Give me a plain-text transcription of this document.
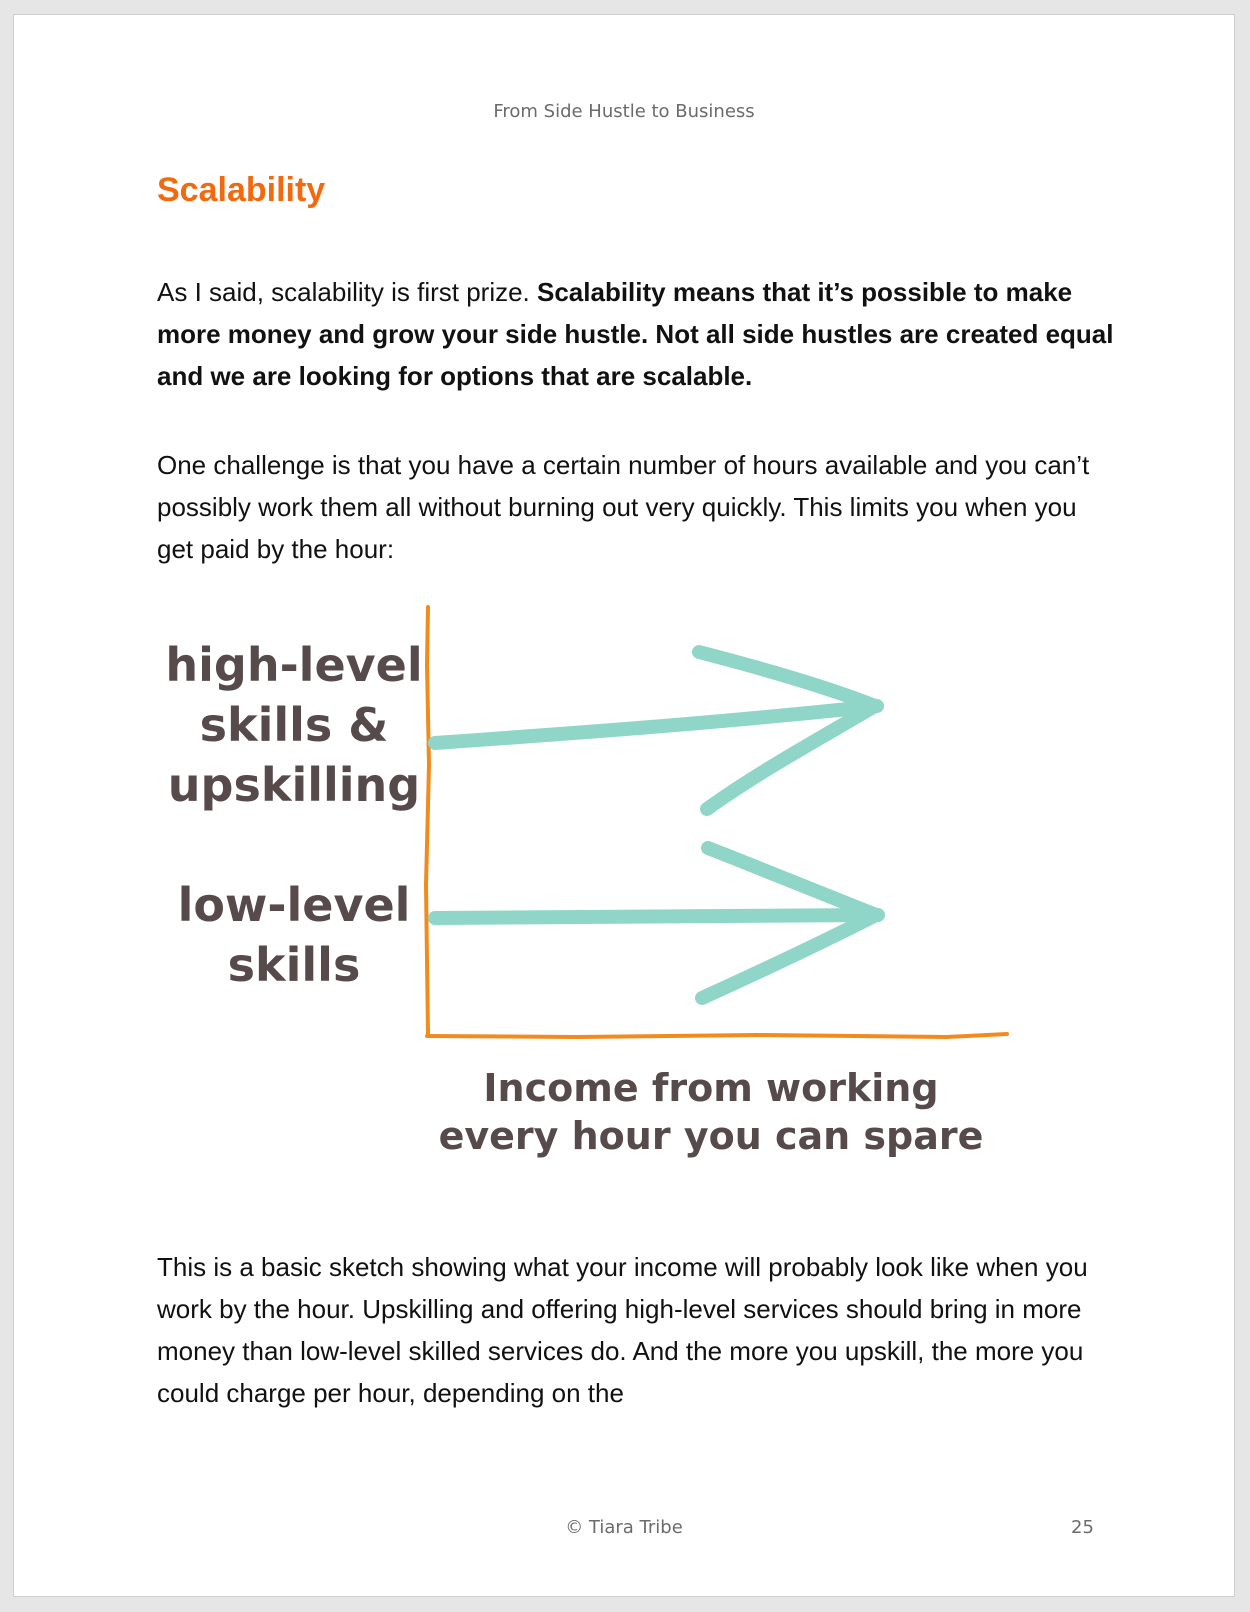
From Side Hustle to Business
Scalability

As I said, scalability is first prize. Scalability means that it’s possible to make more money and grow your side hustle. Not all side hustles are created equal and we are looking for options that are scalable.

One challenge is that you have a certain number of hours available and you can’t possibly work them all without burning out very quickly. This limits you when you get paid by the hour:

high-level
skills &
upskilling
low-level
skills
Income from working
every hour you can spare

This is a basic sketch showing what your income will probably look like when you work by the hour. Upskilling and offering high-level services should bring in more money than low-level skilled services do. And the more you upskill, the more you could charge per hour, depending on the

© Tiara Tribe	25
